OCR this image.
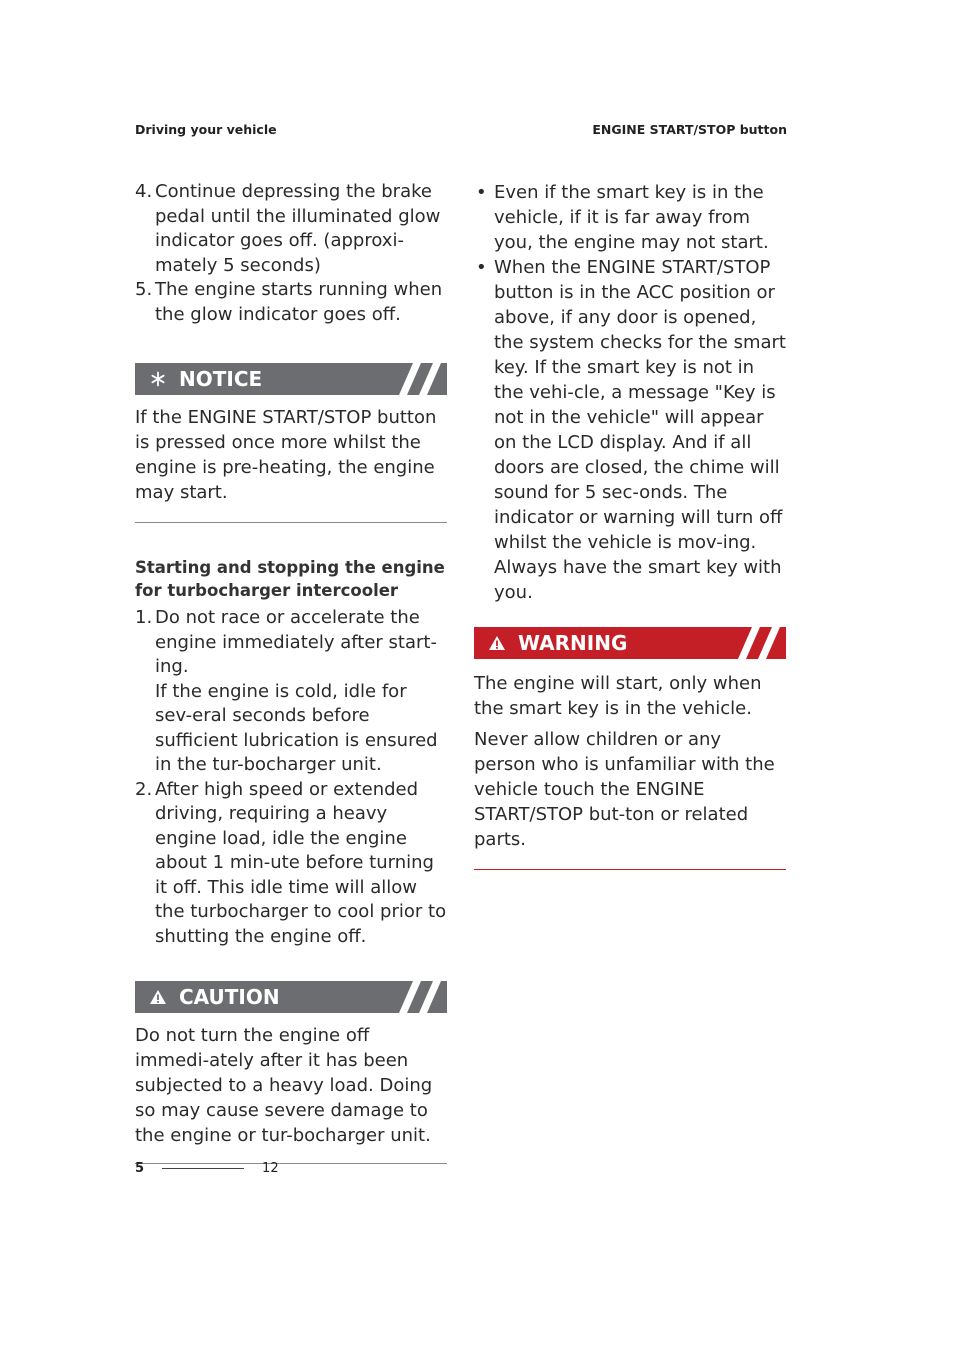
Driving your vehicle	ENGINE START/STOP button
4. Continue depressing the brake pedal until the illuminated glow indicator goes off. (approxi-mately 5 seconds)
5. The engine starts running when the glow indicator goes off.
NOTICE

If the ENGINE START/STOP button is pressed once more whilst the engine is pre-heating, the engine may start.

Starting and stopping the engine for turbocharger intercooler
1. Do not race or accelerate the engine immediately after start-ing.
If the engine is cold, idle for sev-eral seconds before sufficient lubrication is ensured in the tur-bocharger unit.
2. After high speed or extended driving, requiring a heavy engine load, idle the engine about 1 min-ute before turning it off. This idle time will allow the turbocharger to cool prior to shutting the engine off.
CAUTION

Do not turn the engine off immedi-ately after it has been subjected to a heavy load. Doing so may cause severe damage to the engine or tur-bocharger unit.

• Even if the smart key is in the vehicle, if it is far away from you, the engine may not start.
• When the ENGINE START/STOP button is in the ACC position or above, if any door is opened, the system checks for the smart key. If the smart key is not in the vehi-cle, a message "Key is not in the vehicle" will appear on the LCD display. And if all doors are closed, the chime will sound for 5 sec-onds. The indicator or warning will turn off whilst the vehicle is mov-ing. Always have the smart key with you.
WARNING

The engine will start, only when the smart key is in the vehicle.

Never allow children or any person who is unfamiliar with the vehicle touch the ENGINE START/STOP but-ton or related parts.

5	12
